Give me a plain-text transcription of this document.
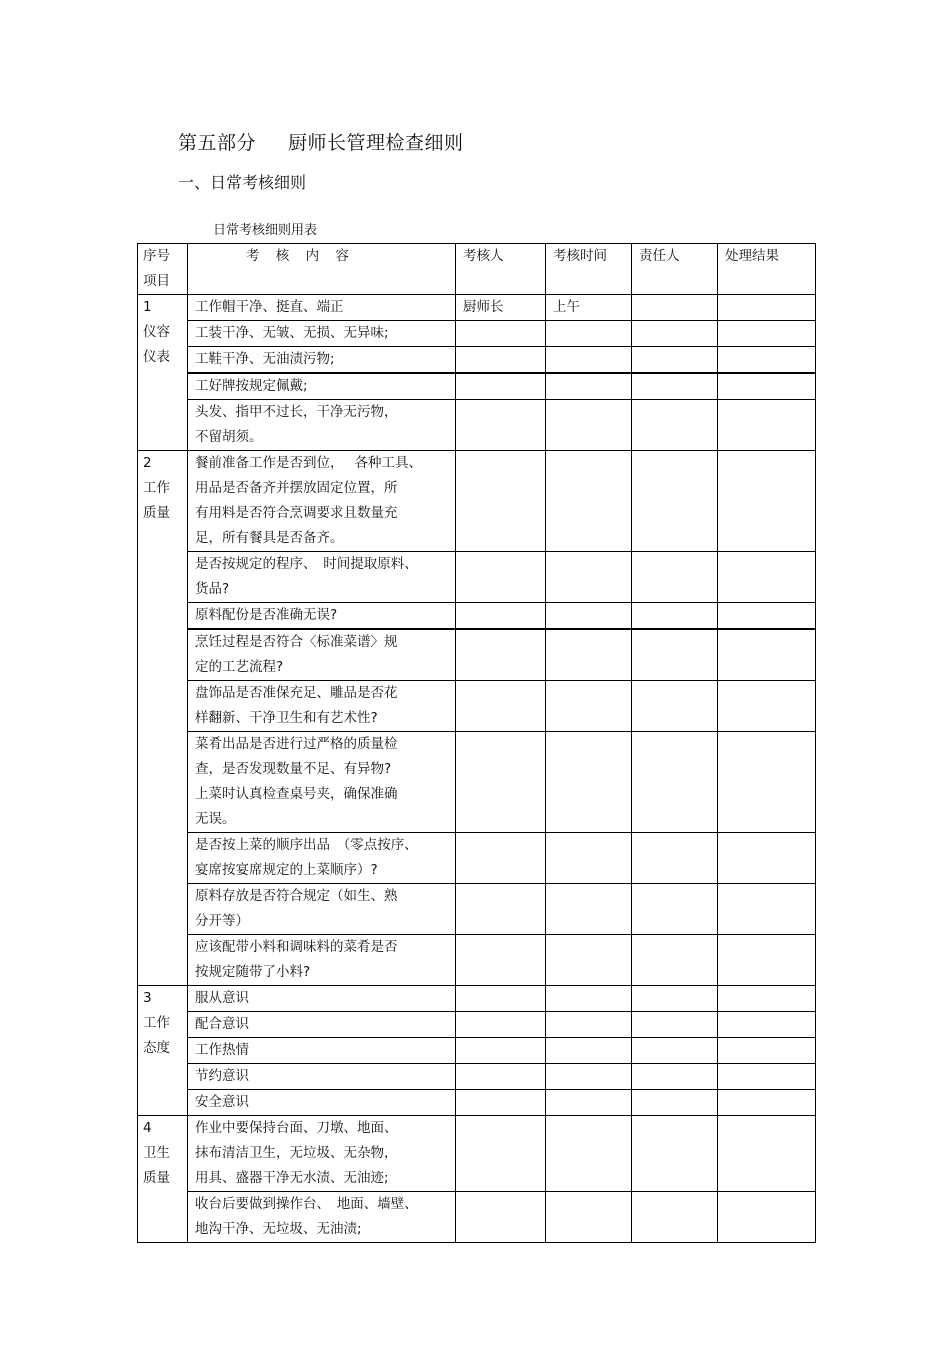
第五部分 厨师长管理检查细则
一、日常考核细则
日常考核细则用表
序号
项目	考 核 内 容	考核人	考核时间	责任人	处理结果

1
仪容
仪表	工作帽干净、挺直、端正	厨师长	上午		

	工装干净、无皱、无损、无异味;				

	工鞋干净、无油渍污物;				

	工好牌按规定佩戴;				

	头发、指甲不过长，干净无污物，
不留胡须。				

2
工作
质量	餐前准备工作是否到位，　 各种工具、
用品是否备齐并摆放固定位置，所
有用料是否符合烹调要求且数量充
足，所有餐具是否备齐。				

	是否按规定的程序、　时间提取原料、
货品?				

	原料配份是否准确无误?				

	烹饪过程是否符合〈标准菜谱〉规
定的工艺流程?				

	盘饰品是否准保充足、雕品是否花
样翻新、干净卫生和有艺术性?				

	菜肴出品是否进行过严格的质量检
查，是否发现数量不足、有异物?
上菜时认真检查桌号夹，确保准确
无误。				

	是否按上菜的顺序出品　（零点按序、
宴席按宴席规定的上菜顺序）?				

	原料存放是否符合规定（如生、熟
分开等）				

	应该配带小料和调味料的菜肴是否
按规定随带了小料?				

3
工作
态度	服从意识				

	配合意识				

	工作热情				

	节约意识				

	安全意识				

4
卫生
质量	作业中要保持台面、刀墩、地面、
抹布清洁卫生，无垃圾、无杂物，
用具、盛器干净无水渍、无油迹;				

	收台后要做到操作台、　地面、墙壁、
地沟干净、无垃圾、无油渍;				
